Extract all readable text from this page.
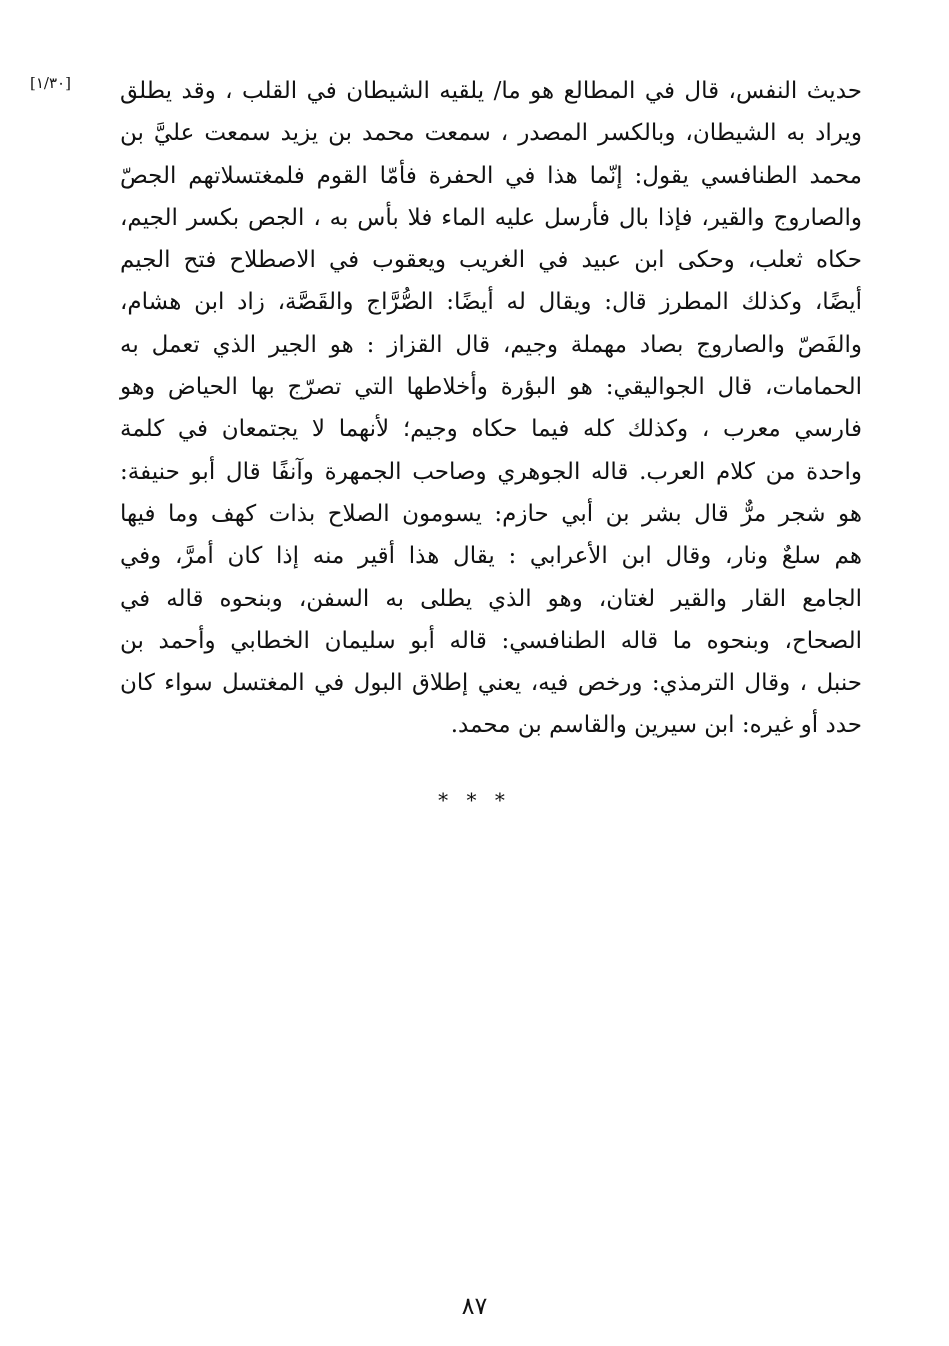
[١/٣٠] حديث النفس، قال في المطالع هو ما/ يلقيه الشيطان في القلب ، وقد يطلق
ويراد به الشيطان، وبالكسر المصدر ، سمعت محمد بن يزيد سمعت عليَّ بن
محمد الطنافسي يقول: إنّما هذا في الحفرة فأمّا القوم فلمغتسلاتهم الجصّ
والصاروج والقير، فإذا بال فأرسل عليه الماء فلا بأس به ، الجص بكسر الجيم،
حكاه ثعلب، وحكى ابن عبيد في الغريب ويعقوب في الاصطلاح فتح الجيم
أيضًا، وكذلك المطرز قال: ويقال له أيضًا: الصُّرَّاج والقَصَّة، زاد ابن هشام،
والفَصّ والصاروج بصاد مهملة وجيم، قال القزاز : هو الجير الذي تعمل به
الحمامات، قال الجواليقي: هو البؤرة وأخلاطها التي تصرّج بها الحياض وهو
فارسي معرب ، وكذلك كله فيما حكاه وجيم؛ لأنهما لا يجتمعان في كلمة
واحدة من كلام العرب. قاله الجوهري وصاحب الجمهرة وآنفًا قال أبو حنيفة:
هو شجر مرٌّ قال بشر بن أبي حازم: يسومون الصلاح بذات كهف وما فيها
هم سلعٌ ونار، وقال ابن الأعرابي : يقال هذا أقير منه إذا كان أمرَّ، وفي
الجامع القار والقير لغتان، وهو الذي يطلى به السفن، وبنحوه قاله في
الصحاح، وبنحوه ما قاله الطنافسي: قاله أبو سليمان الخطابي وأحمد بن
حنبل ، وقال الترمذي: ورخص فيه، يعني إطلاق البول في المغتسل سواء كان
حدد أو غيره: ابن سيرين والقاسم بن محمد.
* * *
٨٧
